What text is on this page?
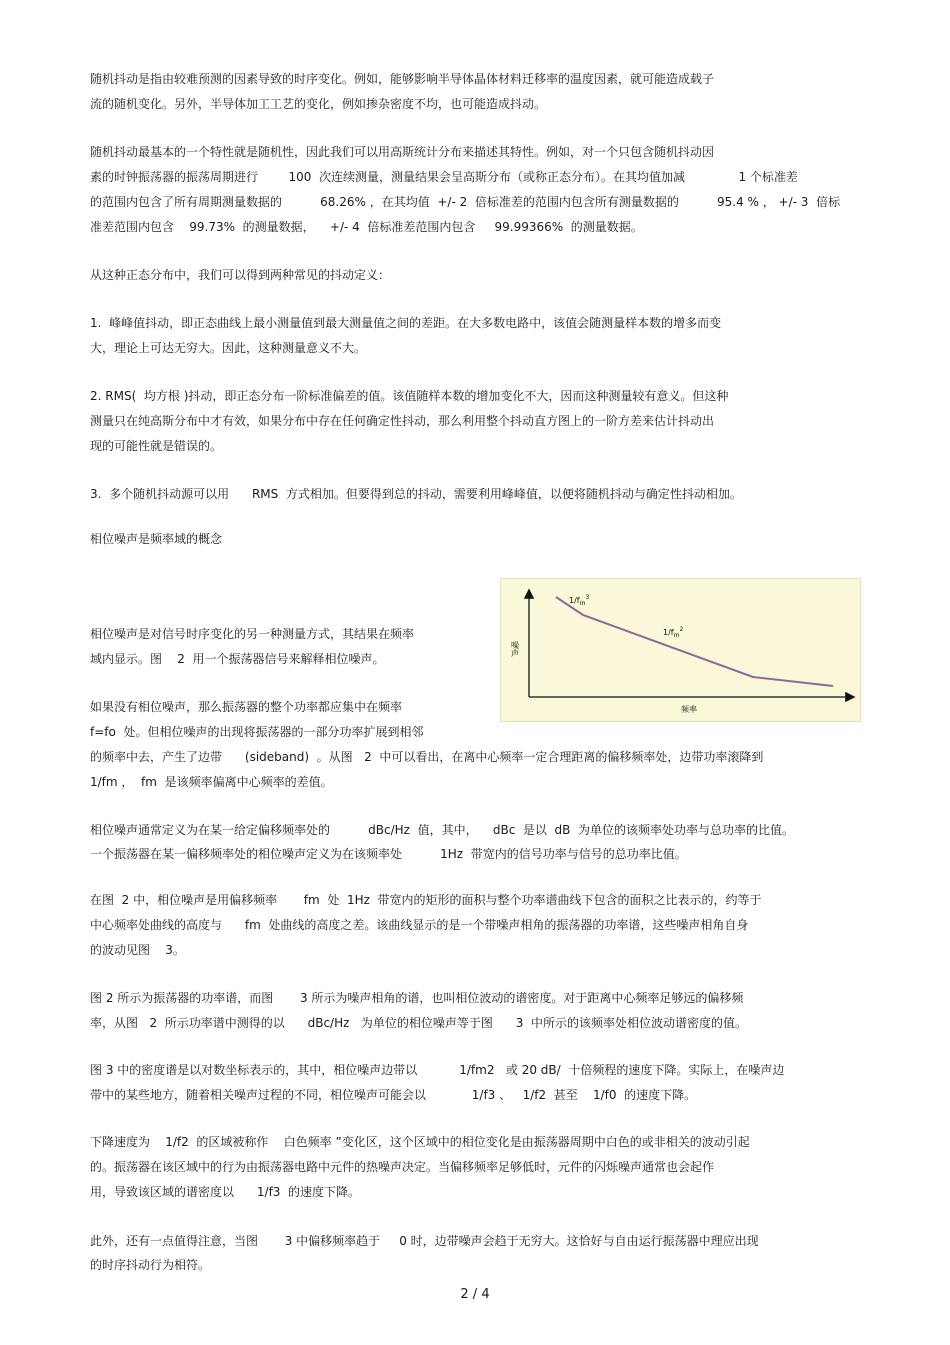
随机抖动是指由较难预测的因素导致的时序变化。例如，能够影响半导体晶体材料迁移率的温度因素，就可能造成载子
流的随机变化。另外，半导体加工工艺的变化，例如掺杂密度不均，也可能造成抖动。
随机抖动最基本的一个特性就是随机性，因此我们可以用高斯统计分布来描述其特性。例如，对一个只包含随机抖动因
素的时钟振荡器的振荡周期进行        100  次连续测量，测量结果会呈高斯分布（或称正态分布）。在其均值加减              1 个标准差
的范围内包含了所有周期测量数据的          68.26% ，在其均值  +/- 2  倍标准差的范围内包含所有测量数据的          95.4 % ， +/- 3  倍标
准差范围内包含    99.73%  的测量数据，    +/- 4  倍标准差范围内包含     99.99366%  的测量数据。
从这种正态分布中，我们可以得到两种常见的抖动定义：
1.  峰峰值抖动，即正态曲线上最小测量值到最大测量值之间的差距。在大多数电路中，该值会随测量样本数的增多而变
大，理论上可达无穷大。因此，这种测量意义不大。
2. RMS(  均方根 )抖动，即正态分布一阶标准偏差的值。该值随样本数的增加变化不大，因而这种测量较有意义。但这种
测量只在纯高斯分布中才有效，如果分布中存在任何确定性抖动，那么利用整个抖动直方图上的一阶方差来估计抖动出
现的可能性就是错误的。
3.  多个随机抖动源可以用      RMS  方式相加。但要得到总的抖动，需要利用峰峰值，以便将随机抖动与确定性抖动相加。
相位噪声是频率域的概念
相位噪声是对信号时序变化的另一种测量方式，其结果在频率
域内显示。图    2  用一个振荡器信号来解释相位噪声。
如果没有相位噪声，那么振荡器的整个功率都应集中在频率
f=fo  处。但相位噪声的出现将振荡器的一部分功率扩展到相邻
的频率中去，产生了边带      (sideband)  。从图   2  中可以看出，在离中心频率一定合理距离的偏移频率处，边带功率滚降到
1/fm ，  fm  是该频率偏离中心频率的差值。
相位噪声通常定义为在某一给定偏移频率处的          dBc/Hz  值，其中，    dBc  是以  dB  为单位的该频率处功率与总功率的比值。
一个振荡器在某一偏移频率处的相位噪声定义为在该频率处          1Hz  带宽内的信号功率与信号的总功率比值。
在图  2 中，相位噪声是用偏移频率       fm  处  1Hz  带宽内的矩形的面积与整个功率谱曲线下包含的面积之比表示的，约等于
中心频率处曲线的高度与      fm  处曲线的高度之差。该曲线显示的是一个带噪声相角的振荡器的功率谱，这些噪声相角自身
的波动见图    3。
图 2 所示为振荡器的功率谱，而图       3 所示为噪声相角的谱，也叫相位波动的谱密度。对于距离中心频率足够远的偏移频
率，从图   2  所示功率谱中测得的以      dBc/Hz   为单位的相位噪声等于图      3  中所示的该频率处相位波动谱密度的值。
图 3 中的密度谱是以对数坐标表示的，其中，相位噪声边带以           1/fm2   或 20 dB/  十倍频程的速度下降。实际上，在噪声边
带中的某些地方，随着相关噪声过程的不同，相位噪声可能会以            1/f3 、   1/f2  甚至    1/f0  的速度下降。
下降速度为    1/f2  的区域被称作    白色频率 ”变化区，这个区域中的相位变化是由振荡器周期中白色的或非相关的波动引起
的。振荡器在该区域中的行为由振荡器电路中元件的热噪声决定。当偏移频率足够低时，元件的闪烁噪声通常也会起作
用，导致该区域的谱密度以      1/f3  的速度下降。
此外，还有一点值得注意，当图       3 中偏移频率趋于     0 时，边带噪声会趋于无穷大。这恰好与自由运行振荡器中理应出现
的时序抖动行为相符。
噪声
频率
$1/f_m^3$
$1/f_m^2$
2 / 4
